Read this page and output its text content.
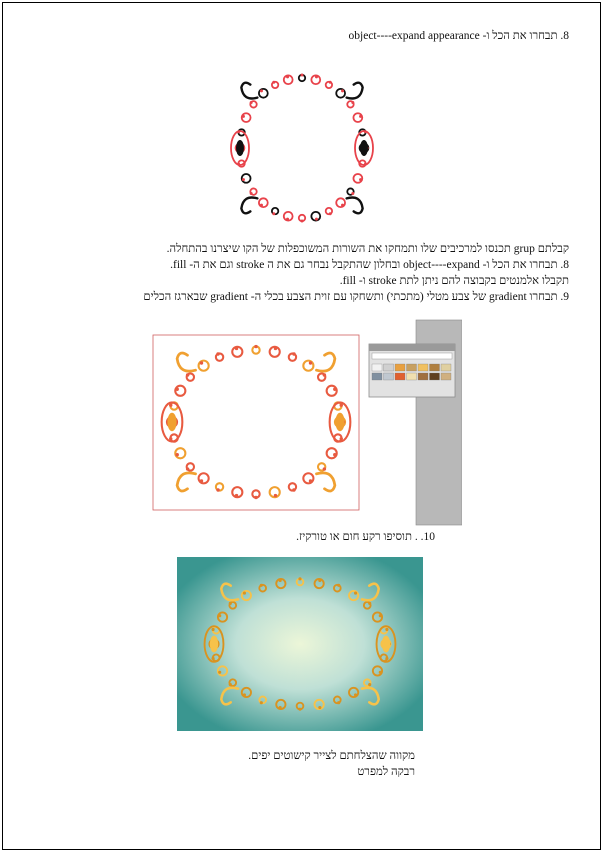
8. תבחרו את הכל ו- object----expand appearance
קבלתם grup תכנסו למרכיבים שלו ותמחקו את השורות המשוכפלות של הקו שיצרנו בהתחלה.
8. תבחרו את הכל ו- object----expand ובחלון שהתקבל נבחר גם את ה stroke וגם את ה- fill.
תקבלו אלמנטים בקבוצה להם ניתן לתת stroke ו- fill.
9. תבחרו gradient של צבע מטלי (מתכתי) ותשחקו עם זוית הצבע בכלי ה- gradient שבארגז הכלים
10. . תוסיפו רקע חום או טורקיז.
מקווה שהצלחתם לצייר קישוטים יפים.
רבקה למפרט
